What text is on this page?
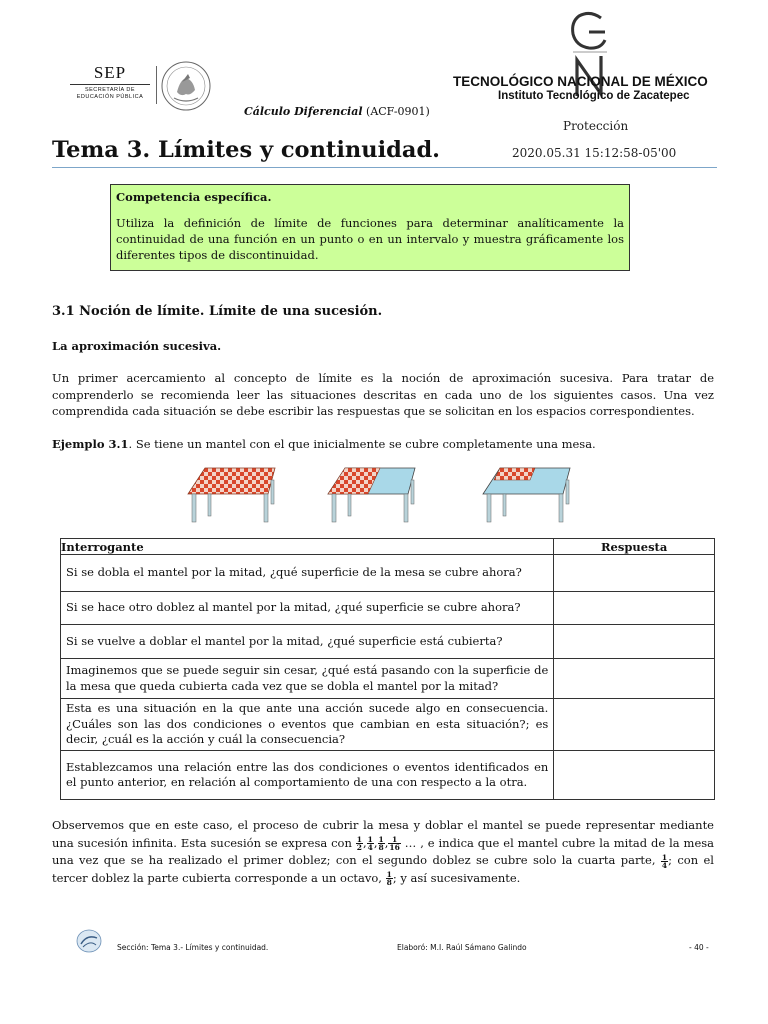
SEP
SECRETARÍA DE
EDUCACIÓN PÚBLICA
TECNOLÓGICO NACIONAL DE MÉXICO
Instituto Tecnológico de Zacatepec
Cálculo Diferencial (ACF-0901)
Protección
2020.05.31 15:12:58-05'00
Tema 3. Límites y continuidad.
Competencia específica.
Utiliza la definición de límite de funciones para determinar analíticamente la continuidad de una función en un punto o en un intervalo y muestra gráficamente los diferentes tipos de discontinuidad.
3.1 Noción de límite. Límite de una sucesión.
La aproximación sucesiva.
Un primer acercamiento al concepto de límite es la noción de aproximación sucesiva. Para tratar de comprenderlo se recomienda leer las situaciones descritas en cada uno de los siguientes casos. Una vez comprendida cada situación se debe escribir las respuestas que se solicitan en los espacios correspondientes.
Ejemplo 3.1. Se tiene un mantel con el que inicialmente se cubre completamente una mesa.
Interrogante	Respuesta
Si se dobla el mantel por la mitad, ¿qué superficie de la mesa se cubre ahora?	
Si se hace otro doblez al mantel por la mitad, ¿qué superficie se cubre ahora?	
Si se vuelve a doblar el mantel por la mitad, ¿qué superficie está cubierta?	
Imaginemos que se puede seguir sin cesar, ¿qué está pasando con la superficie de la mesa que queda cubierta cada vez que se dobla el mantel por la mitad?	
Esta es una situación en la que ante una acción sucede algo en consecuencia. ¿Cuáles son las dos condiciones o eventos que cambian en esta situación?; es decir, ¿cuál es la acción y cuál la consecuencia?	
Establezcamos una relación entre las dos condiciones o eventos identificados en el punto anterior, en relación al comportamiento de una con respecto a la otra.	
Observemos que en este caso, el proceso de cubrir la mesa y doblar el mantel se puede representar mediante una sucesión infinita. Esta sucesión se expresa con $\frac{1}{2}$ , $\frac{1}{4}$ , $\frac{1}{8}$ , $\frac{1}{16}$ … , e indica que el mantel cubre la mitad de la mesa una vez que se ha realizado el primer doblez; con el segundo doblez se cubre solo la cuarta parte, $\frac{1}{4}$ ; con el tercer doblez la parte cubierta corresponde a un octavo, $\frac{1}{8}$ ; y así sucesivamente.
Sección: Tema 3.- Límites y continuidad.	Elaboró: M.I. Raúl Sámano Galindo	- 40 -
